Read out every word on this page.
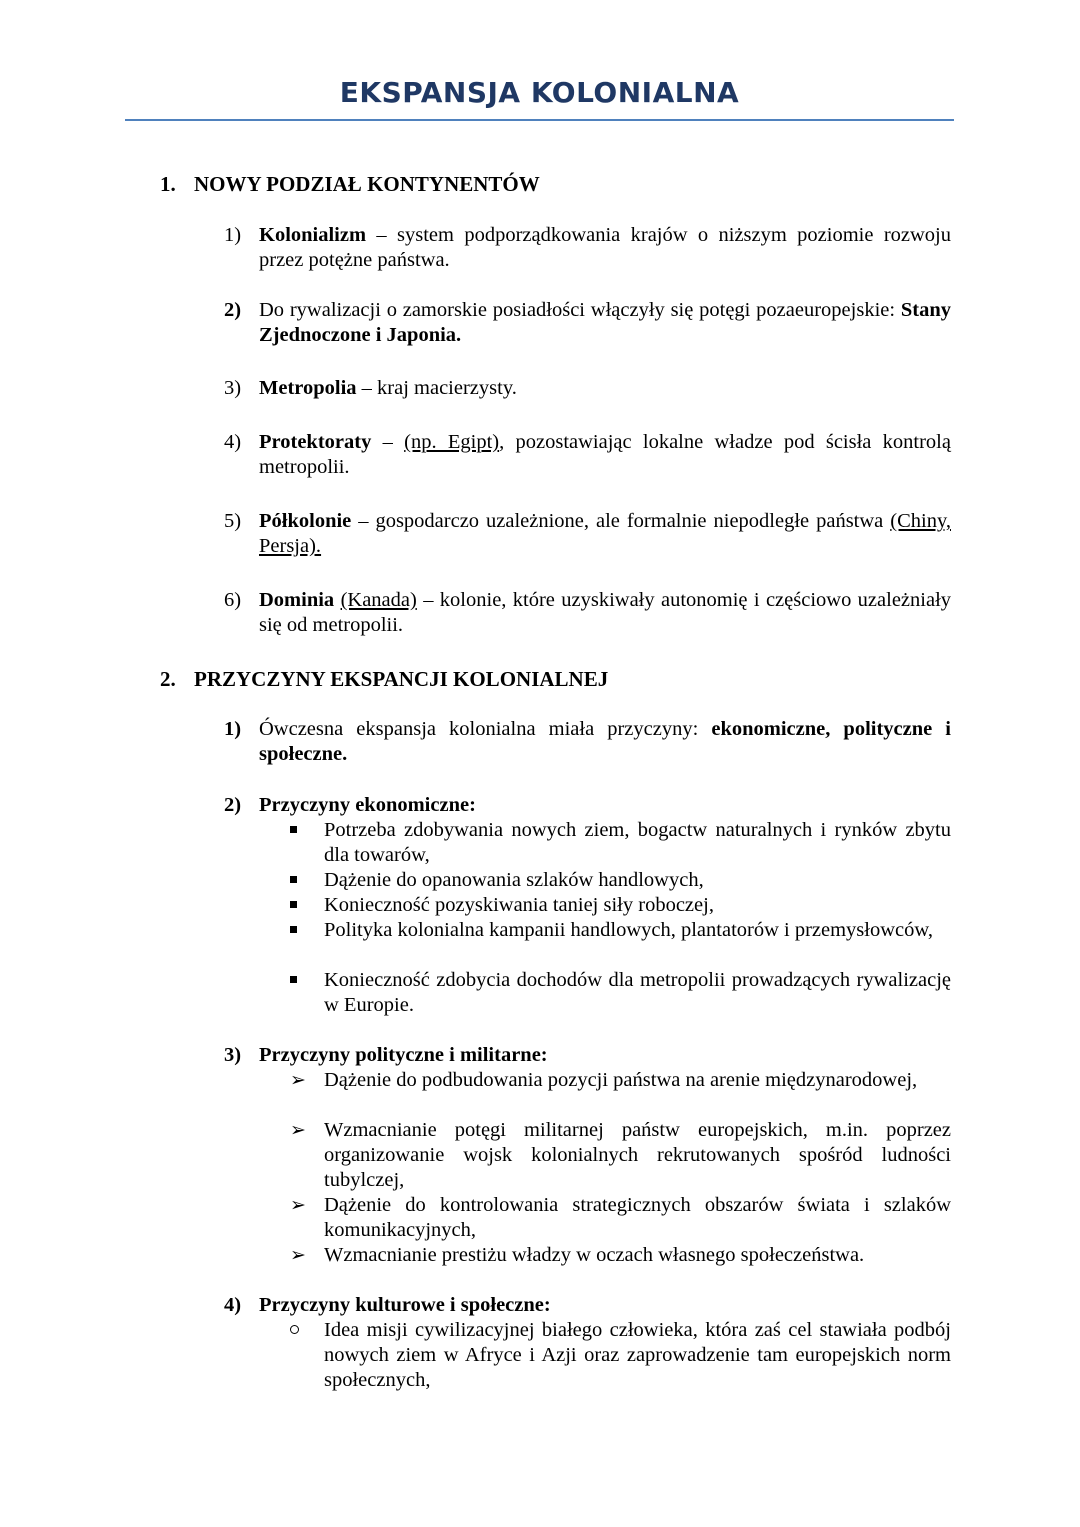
EKSPANSJA KOLONIALNA
1. NOWY PODZIAŁ KONTYNENTÓW
1) Kolonializm – system podporządkowania krajów o niższym poziomie rozwoju przez potężne państwa.
2) Do rywalizacji o zamorskie posiadłości włączyły się potęgi pozaeuropejskie: Stany Zjednoczone i Japonia.
3) Metropolia – kraj macierzysty.
4) Protektoraty – (np. Egipt), pozostawiając lokalne władze pod ścisła kontrolą metropolii.
5) Półkolonie – gospodarczo uzależnione, ale formalnie niepodległe państwa (Chiny, Persja).
6) Dominia (Kanada) – kolonie, które uzyskiwały autonomię i częściowo uzależniały się od metropolii.
2. PRZYCZYNY EKSPANCJI KOLONIALNEJ
1) Ówczesna ekspansja kolonialna miała przyczyny: ekonomiczne, polityczne i społeczne.
2) Przyczyny ekonomiczne:
Potrzeba zdobywania nowych ziem, bogactw naturalnych i rynków zbytu dla towarów,
Dążenie do opanowania szlaków handlowych,
Konieczność pozyskiwania taniej siły roboczej,
Polityka kolonialna kampanii handlowych, plantatorów i przemysłowców,
Konieczność zdobycia dochodów dla metropolii prowadzących rywalizację w Europie.
3) Przyczyny polityczne i militarne:
➢ Dążenie do podbudowania pozycji państwa na arenie międzynarodowej,
➢ Wzmacnianie potęgi militarnej państw europejskich, m.in. poprzez organizowanie wojsk kolonialnych rekrutowanych spośród ludności tubylczej,
➢ Dążenie do kontrolowania strategicznych obszarów świata i szlaków komunikacyjnych,
➢ Wzmacnianie prestiżu władzy w oczach własnego społeczeństwa.
4) Przyczyny kulturowe i społeczne:
Idea misji cywilizacyjnej białego człowieka, która zaś cel stawiała podbój nowych ziem w Afryce i Azji oraz zaprowadzenie tam europejskich norm społecznych,
